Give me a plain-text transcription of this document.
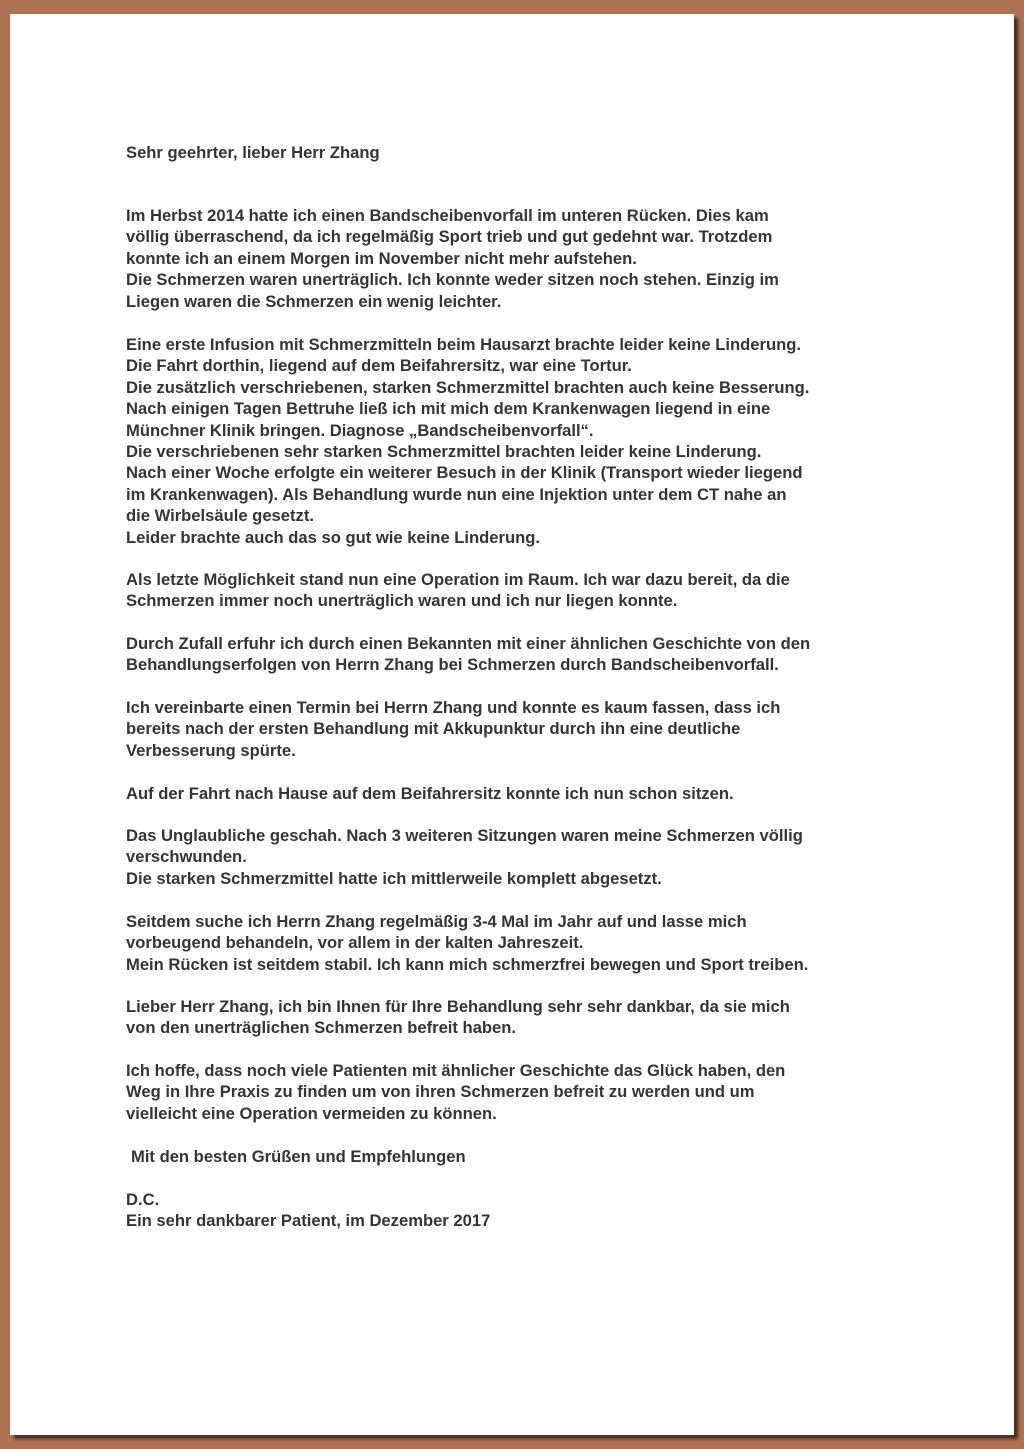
Sehr geehrter, lieber Herr Zhang
Im Herbst 2014 hatte ich einen Bandscheibenvorfall im unteren Rücken. Dies kam
völlig überraschend, da ich regelmäßig Sport trieb und gut gedehnt war. Trotzdem
konnte ich an einem Morgen im November nicht mehr aufstehen.
Die Schmerzen waren unerträglich. Ich konnte weder sitzen noch stehen. Einzig im
Liegen waren die Schmerzen ein wenig leichter.
Eine erste Infusion mit Schmerzmitteln beim Hausarzt brachte leider keine Linderung.
Die Fahrt dorthin, liegend auf dem Beifahrersitz, war eine Tortur.
Die zusätzlich verschriebenen, starken Schmerzmittel brachten auch keine Besserung.
Nach einigen Tagen Bettruhe ließ ich mit mich dem Krankenwagen liegend in eine
Münchner Klinik bringen. Diagnose „Bandscheibenvorfall“.
Die verschriebenen sehr starken Schmerzmittel brachten leider keine Linderung.
Nach einer Woche erfolgte ein weiterer Besuch in der Klinik (Transport wieder liegend
im Krankenwagen). Als Behandlung wurde nun eine Injektion unter dem CT nahe an
die Wirbelsäule gesetzt.
Leider brachte auch das so gut wie keine Linderung.
Als letzte Möglichkeit stand nun eine Operation im Raum. Ich war dazu bereit, da die
Schmerzen immer noch unerträglich waren und ich nur liegen konnte.
Durch Zufall erfuhr ich durch einen Bekannten mit einer ähnlichen Geschichte von den
Behandlungserfolgen von Herrn Zhang bei Schmerzen durch Bandscheibenvorfall.
Ich vereinbarte einen Termin bei Herrn Zhang und konnte es kaum fassen, dass ich
bereits nach der ersten Behandlung mit Akkupunktur durch ihn eine deutliche
Verbesserung spürte.
Auf der Fahrt nach Hause auf dem Beifahrersitz konnte ich nun schon sitzen.
Das Unglaubliche geschah. Nach 3 weiteren Sitzungen waren meine Schmerzen völlig
verschwunden.
Die starken Schmerzmittel hatte ich mittlerweile komplett abgesetzt.
Seitdem suche ich Herrn Zhang regelmäßig 3-4 Mal im Jahr auf und lasse mich
vorbeugend behandeln, vor allem in der kalten Jahreszeit.
Mein Rücken ist seitdem stabil. Ich kann mich schmerzfrei bewegen und Sport treiben.
Lieber Herr Zhang, ich bin Ihnen für Ihre Behandlung sehr sehr dankbar, da sie mich
von den unerträglichen Schmerzen befreit haben.
Ich hoffe, dass noch viele Patienten mit ähnlicher Geschichte das Glück haben, den
Weg in Ihre Praxis zu finden um von ihren Schmerzen befreit zu werden und um
vielleicht eine Operation vermeiden zu können.
Mit den besten Grüßen und Empfehlungen
D.C.
Ein sehr dankbarer Patient, im Dezember 2017
